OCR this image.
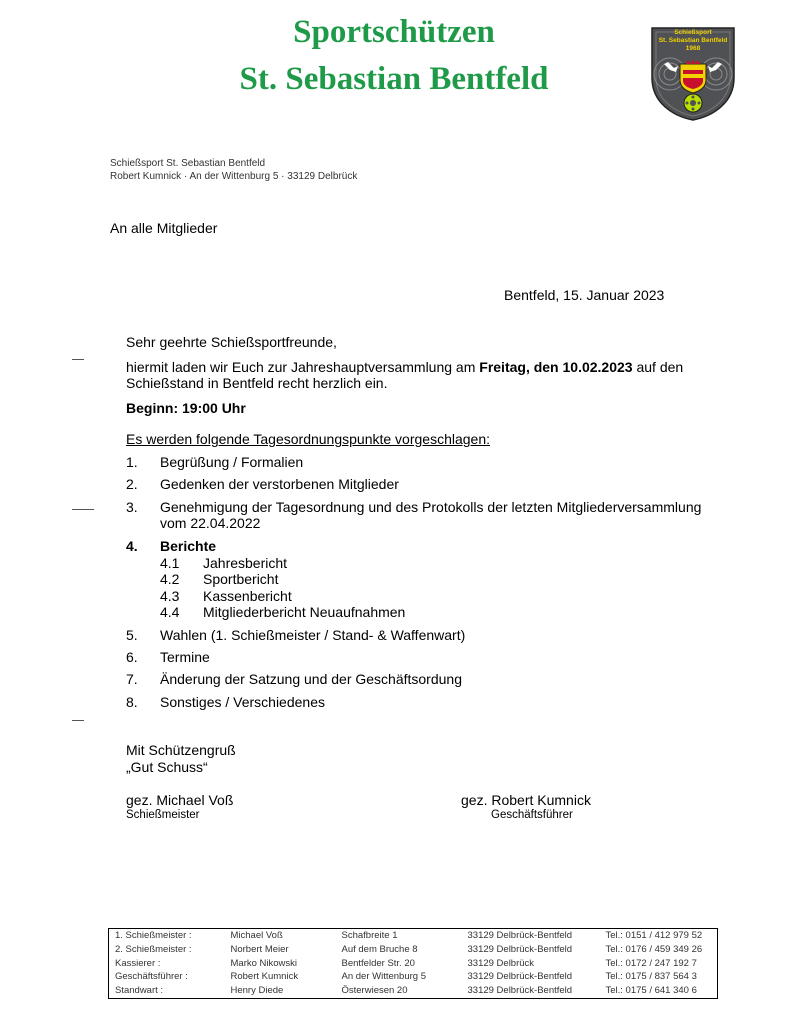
Sportschützen
St. Sebastian Bentfeld
Schießsport
St. Sebastian Bentfeld
1968
Schießsport St. Sebastian Bentfeld
Robert Kumnick · An der Wittenburg 5 · 33129 Delbrück
An alle Mitglieder
Bentfeld, 15. Januar 2023
Sehr geehrte Schießsportfreunde,
hiermit laden wir Euch zur Jahreshauptversammlung am Freitag, den 10.02.2023 auf den
Schießstand in Bentfeld recht herzlich ein.
Beginn: 19:00 Uhr
Es werden folgende Tagesordnungspunkte vorgeschlagen:
1.	Begrüßung / Formalien
2.	Gedenken der verstorbenen Mitglieder
3.	Genehmigung der Tagesordnung und des Protokolls der letzten Mitgliederversammlung
vom 22.04.2022
4.	Berichte
4.1	Jahresbericht
4.2	Sportbericht
4.3	Kassenbericht
4.4	Mitgliederbericht Neuaufnahmen
5.	Wahlen (1. Schießmeister / Stand- & Waffenwart)
6.	Termine
7.	Änderung der Satzung und der Geschäftsordung
8.	Sonstiges / Verschiedenes
Mit Schützengruß
„Gut Schuss“
gez. Michael Voß
Schießmeister
gez. Robert Kumnick
Geschäftsführer
1. Schießmeister :	Michael Voß	Schafbreite 1	33129 Delbrück-Bentfeld	Tel.: 0151 / 412 979 52
2. Schießmeister :	Norbert Meier	Auf dem Bruche 8	33129 Delbrück-Bentfeld	Tel.: 0176 / 459 349 26
Kassierer :	Marko Nikowski	Bentfelder Str. 20	33129 Delbrück	Tel.: 0172 / 247 192 7
Geschäftsführer :	Robert Kumnick	An der Wittenburg 5	33129 Delbrück-Bentfeld	Tel.: 0175 / 837 564 3
Standwart :	Henry Diede	Österwiesen 20	33129 Delbrück-Bentfeld	Tel.: 0175 / 641 340 6
